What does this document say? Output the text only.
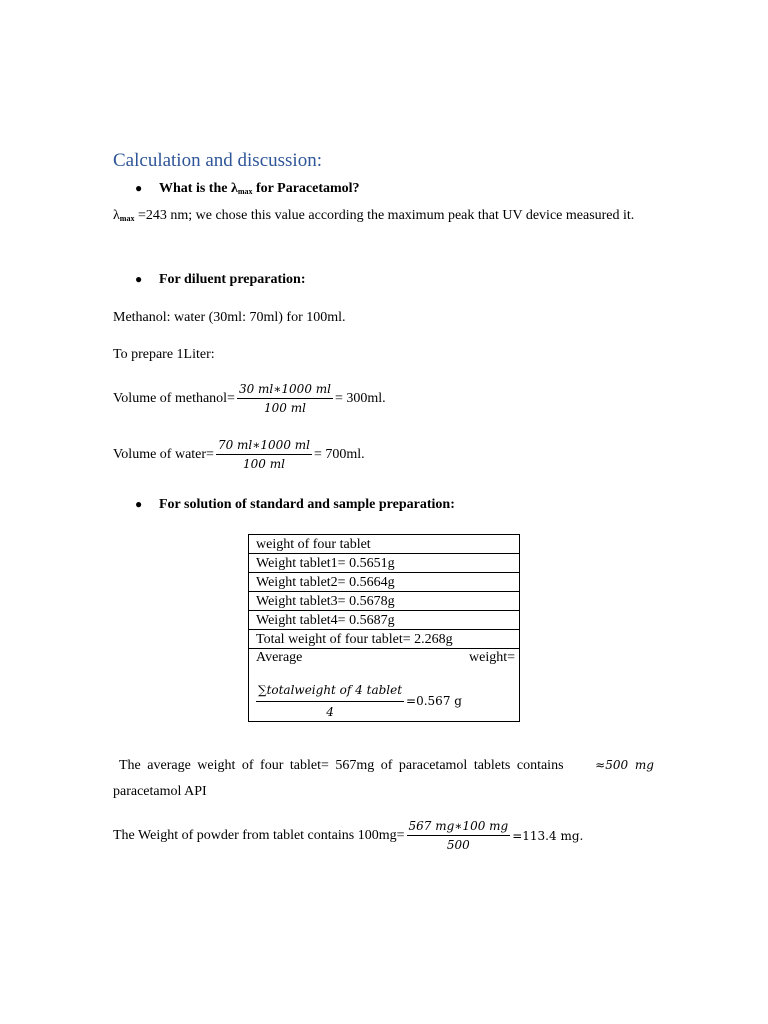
Calculation and discussion:
● What is the $\lambda_{max}$ for Paracetamol?
$\lambda_{max} =243$ nm; we chose this value according the maximum peak that UV device measured it.
● For diluent preparation:
Methanol: water (30ml: 70ml) for 100ml.
To prepare 1Liter:
Volume of methanol= $\frac{30 ml∗1000 ml}{100 ml} = 300ml$.
Volume of water= $\frac{70 ml∗1000 ml}{100 ml} = 700ml$.
● For solution of standard and sample preparation:
weight of four tablet
Weight tablet1= 0.5651g
Weight tablet2= 0.5664g
Weight tablet3= 0.5678g
Weight tablet4= 0.5687g
Total weight of four tablet= 2.268g

Average	weight=
$\frac{\text{∑totalweight of 4 tablet}}{4} =0.567$ g
The average weight of four tablet= 567mg of paracetamol tablets contains	≈500 mg
paracetamol API
The Weight of powder from tablet contains $100mg= \frac{567 mg∗100 mg}{500} =113.4$ mg.
